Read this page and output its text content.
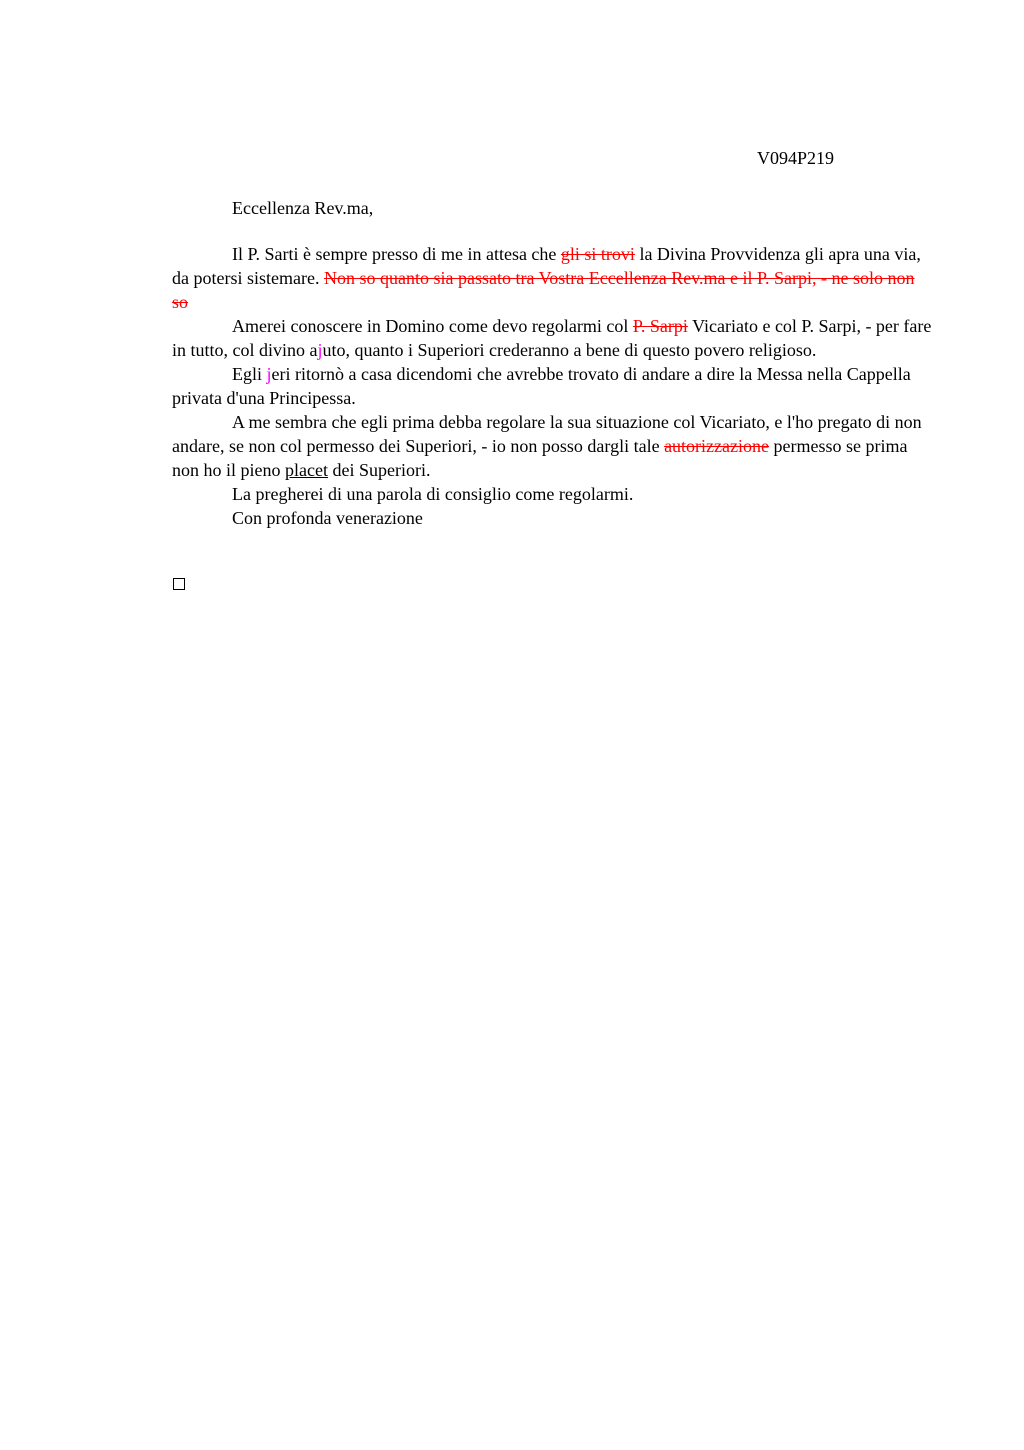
V094P219
Eccellenza Rev.ma,

Il P. Sarti è sempre presso di me in attesa che gli si trovi la Divina Provvidenza gli apra una via, da potersi sistemare. Non so quanto sia passato tra Vostra Eccellenza Rev.ma e il P. Sarpi, - ne solo non so

Amerei conoscere in Domino come devo regolarmi col P. Sarpi Vicariato e col P. Sarpi, - per fare in tutto, col divino ajuto, quanto i Superiori crederanno a bene di questo povero religioso.

Egli jeri ritornò a casa dicendomi che avrebbe trovato di andare a dire la Messa nella Cappella privata d'una Principessa.

A me sembra che egli prima debba regolare la sua situazione col Vicariato, e l'ho pregato di non andare, se non col permesso dei Superiori, - io non posso dargli tale autorizzazione permesso se prima non ho il pieno placet dei Superiori.

La pregherei di una parola di consiglio come regolarmi.

Con profonda venerazione
